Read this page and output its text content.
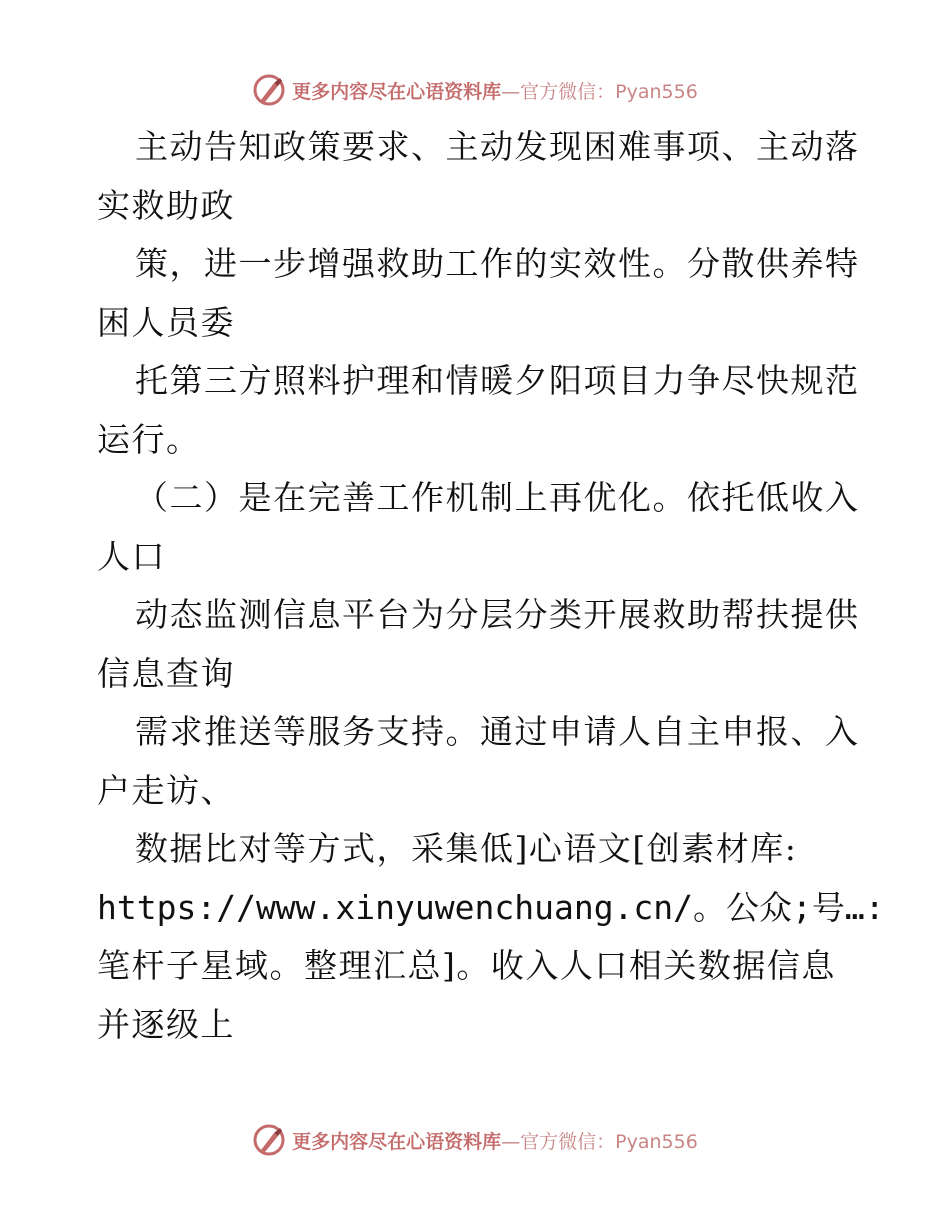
更多内容尽在心语资料库—官方微信：Pyan556
主动告知政策要求、主动发现困难事项、主动落
实救助政
策，进一步增强救助工作的实效性。分散供养特
困人员委
托第三方照料护理和情暖夕阳项目力争尽快规范
运行。
（二）是在完善工作机制上再优化。依托低收入
人口
动态监测信息平台为分层分类开展救助帮扶提供
信息查询
需求推送等服务支持。通过申请人自主申报、入
户走访、
数据比对等方式，采集低]心语文[创素材库:
https://www.xinyuwenchuang.cn/。公众;号…:
笔杆子星域。整理汇总]。收入人口相关数据信息
并逐级上
更多内容尽在心语资料库—官方微信：Pyan556
